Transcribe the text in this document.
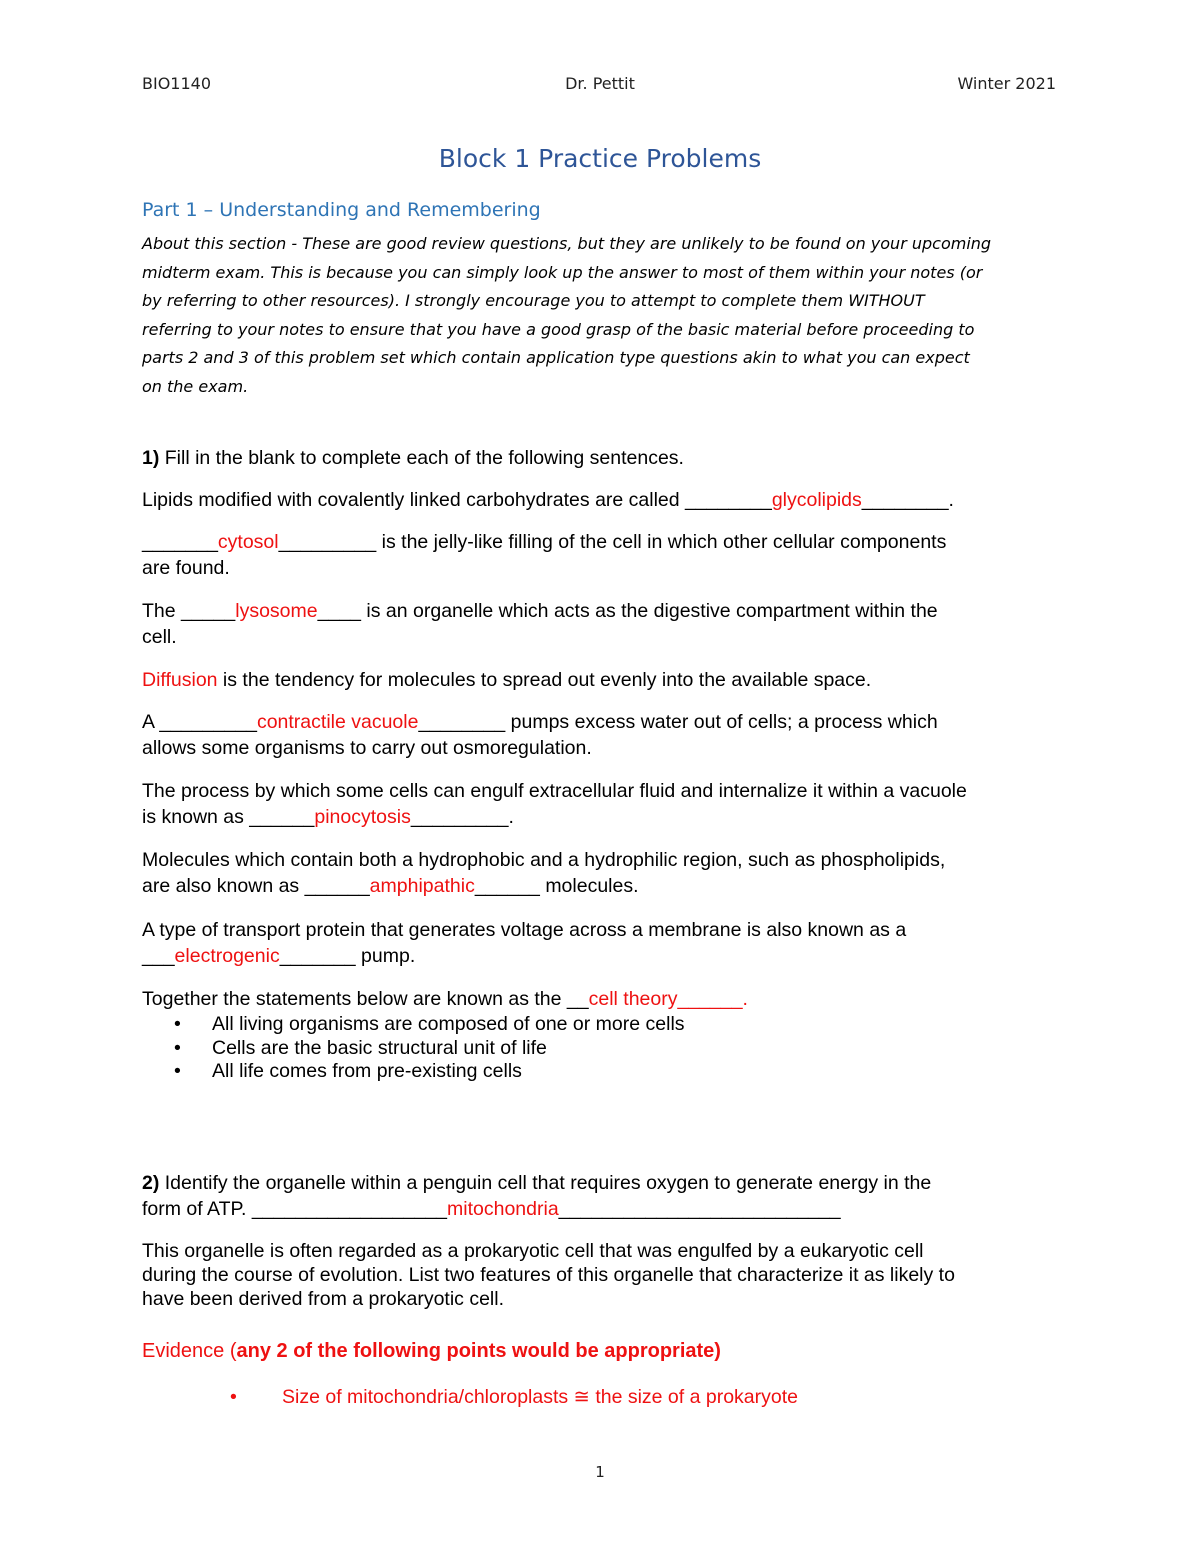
BIO1140	Dr. Pettit	Winter 2021
Block 1 Practice Problems
Part 1 – Understanding and Remembering
About this section - These are good review questions, but they are unlikely to be found on your upcoming
midterm exam. This is because you can simply look up the answer to most of them within your notes (or
by referring to other resources). I strongly encourage you to attempt to complete them WITHOUT
referring to your notes to ensure that you have a good grasp of the basic material before proceeding to
parts 2 and 3 of this problem set which contain application type questions akin to what you can expect
on the exam.
1) Fill in the blank to complete each of the following sentences.
Lipids modified with covalently linked carbohydrates are called ________glycolipids________.
_______cytosol_________ is the jelly-like filling of the cell in which other cellular components
are found.
The _____lysosome____ is an organelle which acts as the digestive compartment within the
cell.
Diffusion is the tendency for molecules to spread out evenly into the available space.
A _________contractile vacuole________ pumps excess water out of cells; a process which
allows some organisms to carry out osmoregulation.
The process by which some cells can engulf extracellular fluid and internalize it within a vacuole
is known as ______pinocytosis_________.
Molecules which contain both a hydrophobic and a hydrophilic region, such as phospholipids,
are also known as ______amphipathic______ molecules.
A type of transport protein that generates voltage across a membrane is also known as a
___electrogenic_______ pump.
Together the statements below are known as the __cell theory______.
• All living organisms are composed of one or more cells
• Cells are the basic structural unit of life
• All life comes from pre-existing cells
2) Identify the organelle within a penguin cell that requires oxygen to generate energy in the
form of ATP. __________________mitochondria__________________________
This organelle is often regarded as a prokaryotic cell that was engulfed by a eukaryotic cell
during the course of evolution. List two features of this organelle that characterize it as likely to
have been derived from a prokaryotic cell.
Evidence (any 2 of the following points would be appropriate)
• Size of mitochondria/chloroplasts ≅ the size of a prokaryote
1
